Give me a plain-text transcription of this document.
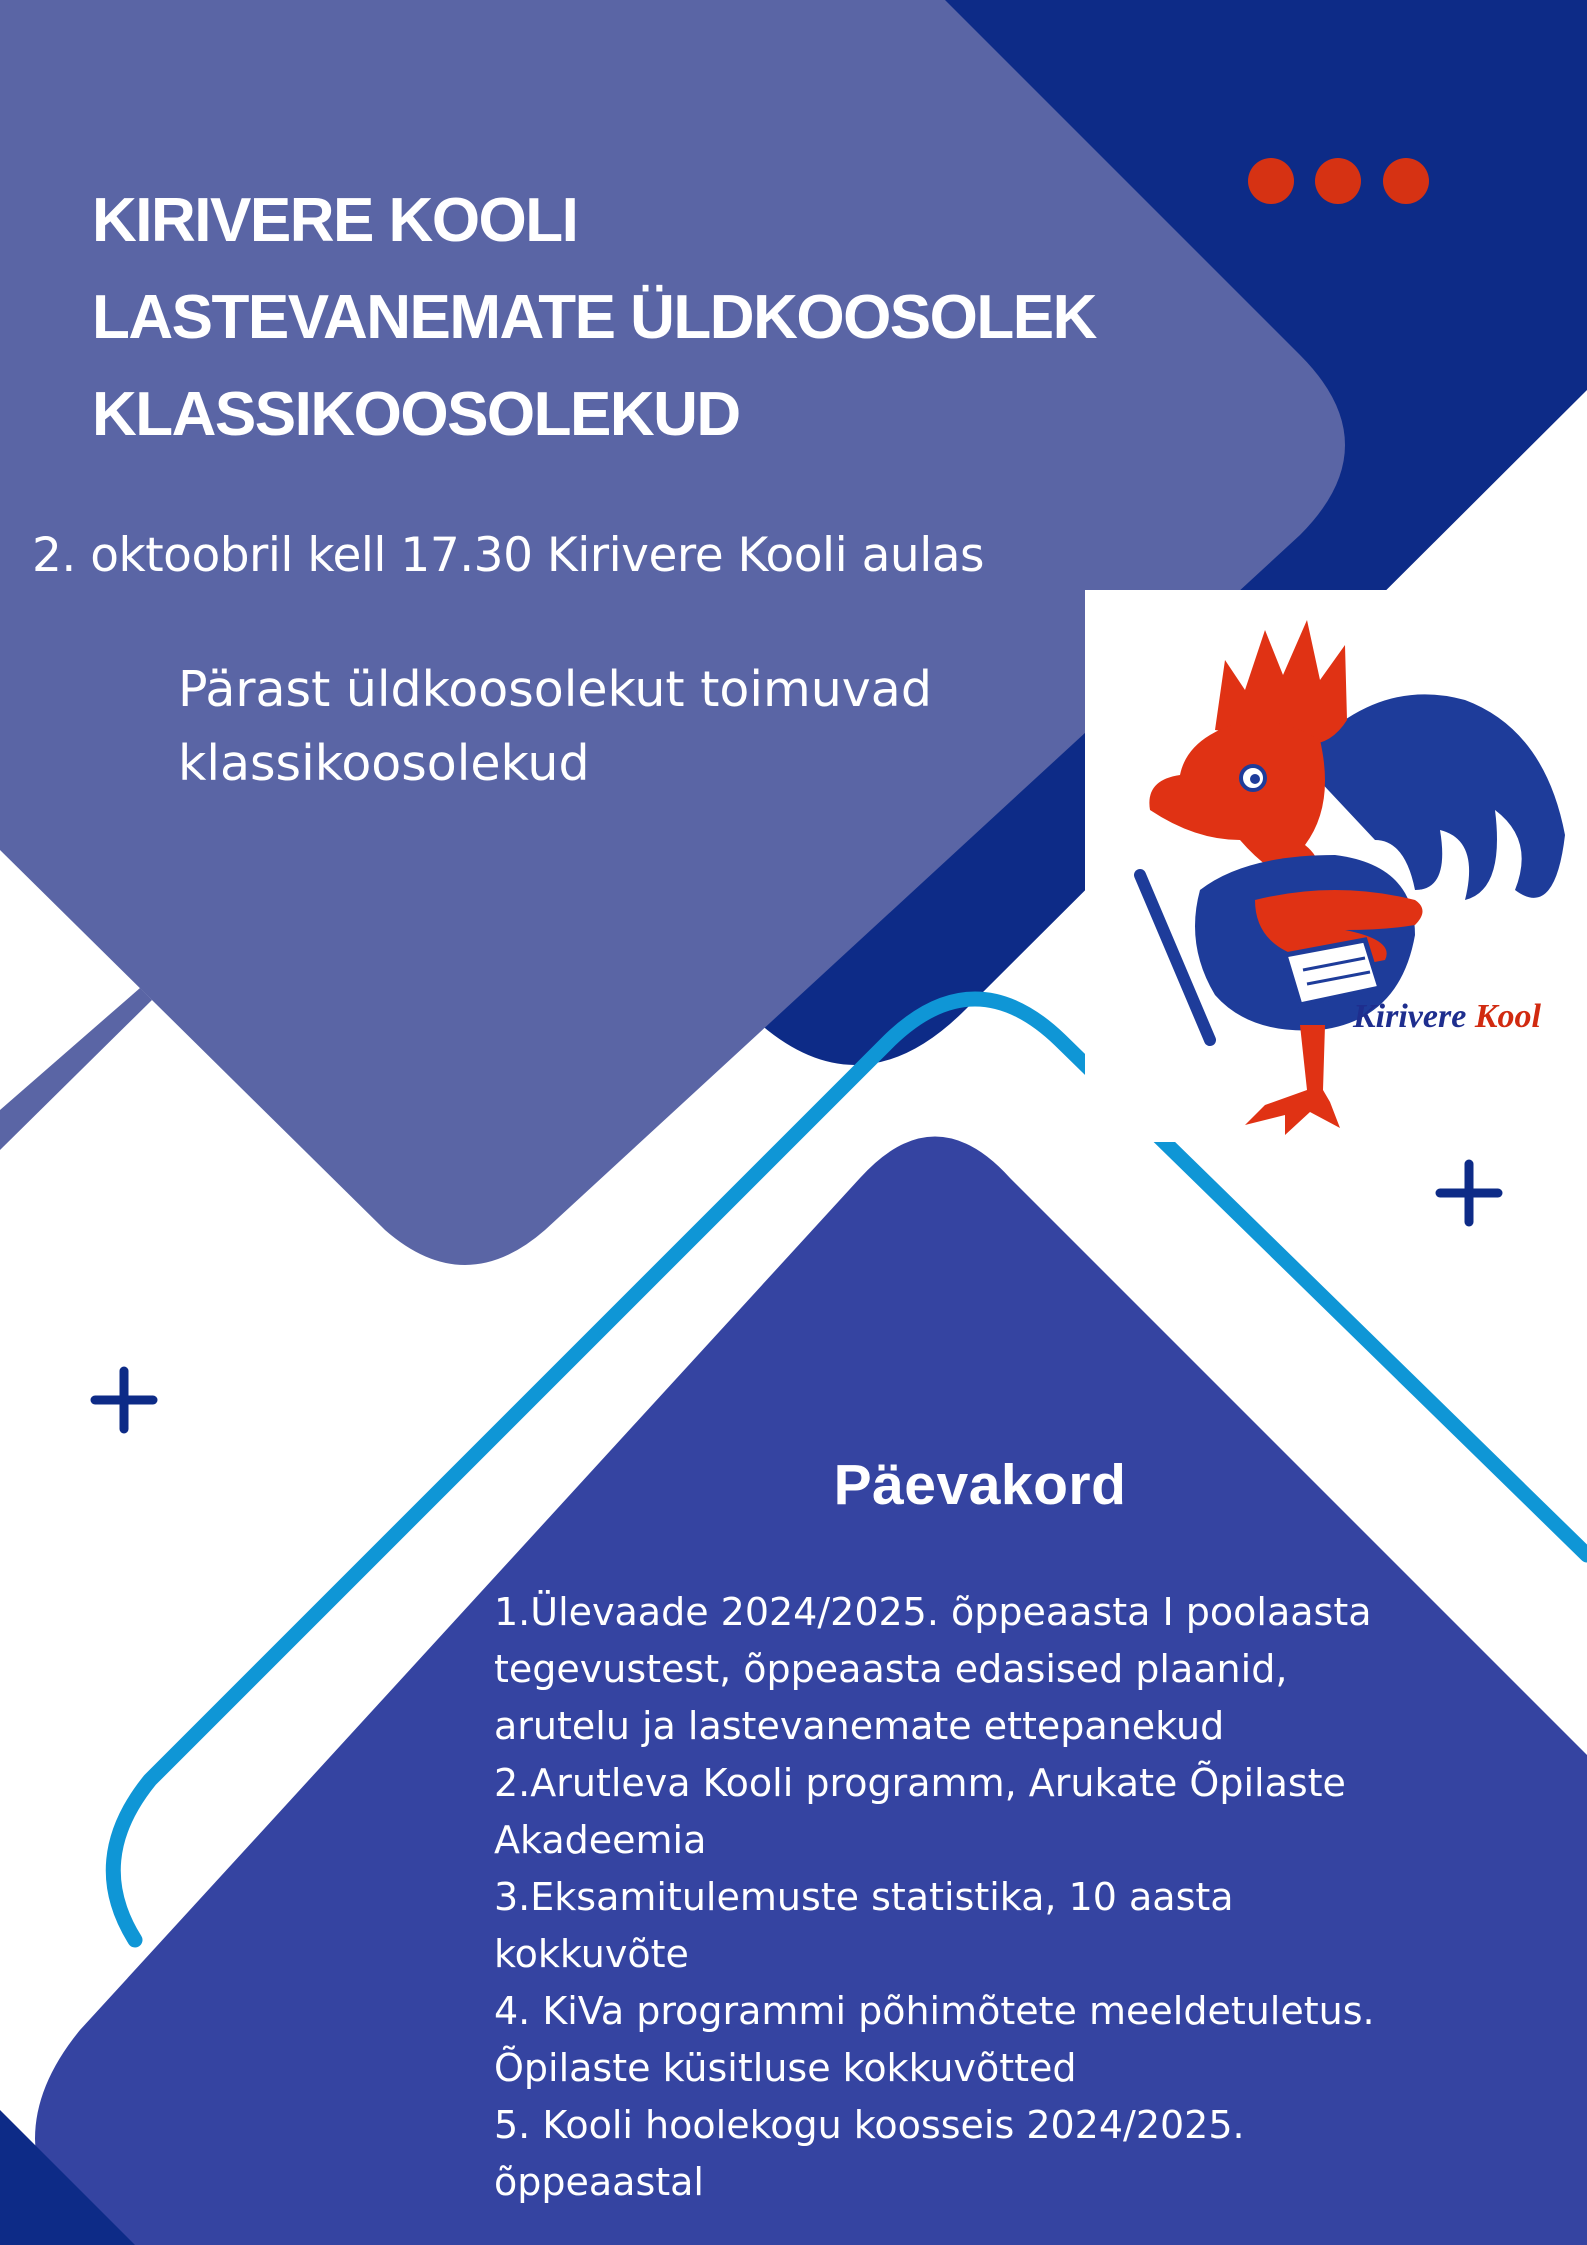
KIRIVERE KOOLI
LASTEVANEMATE ÜLDKOOSOLEK
KLASSIKOOSOLEKUD
2. oktoobril kell 17.30 Kirivere Kooli aulas
Pärast üldkoosolekut toimuvad
klassikoosolekud
Kirivere Kool
Päevakord
1.Ülevaade 2024/2025. õppeaasta I poolaasta
tegevustest, õppeaasta edasised plaanid,
arutelu ja lastevanemate ettepanekud
2.Arutleva Kooli programm, Arukate Õpilaste
Akadeemia
3.Eksamitulemuste statistika, 10 aasta
kokkuvõte
4. KiVa programmi põhimõtete meeldetuletus.
Õpilaste küsitluse kokkuvõtted
5. Kooli hoolekogu koosseis 2024/2025.
õppeaastal
